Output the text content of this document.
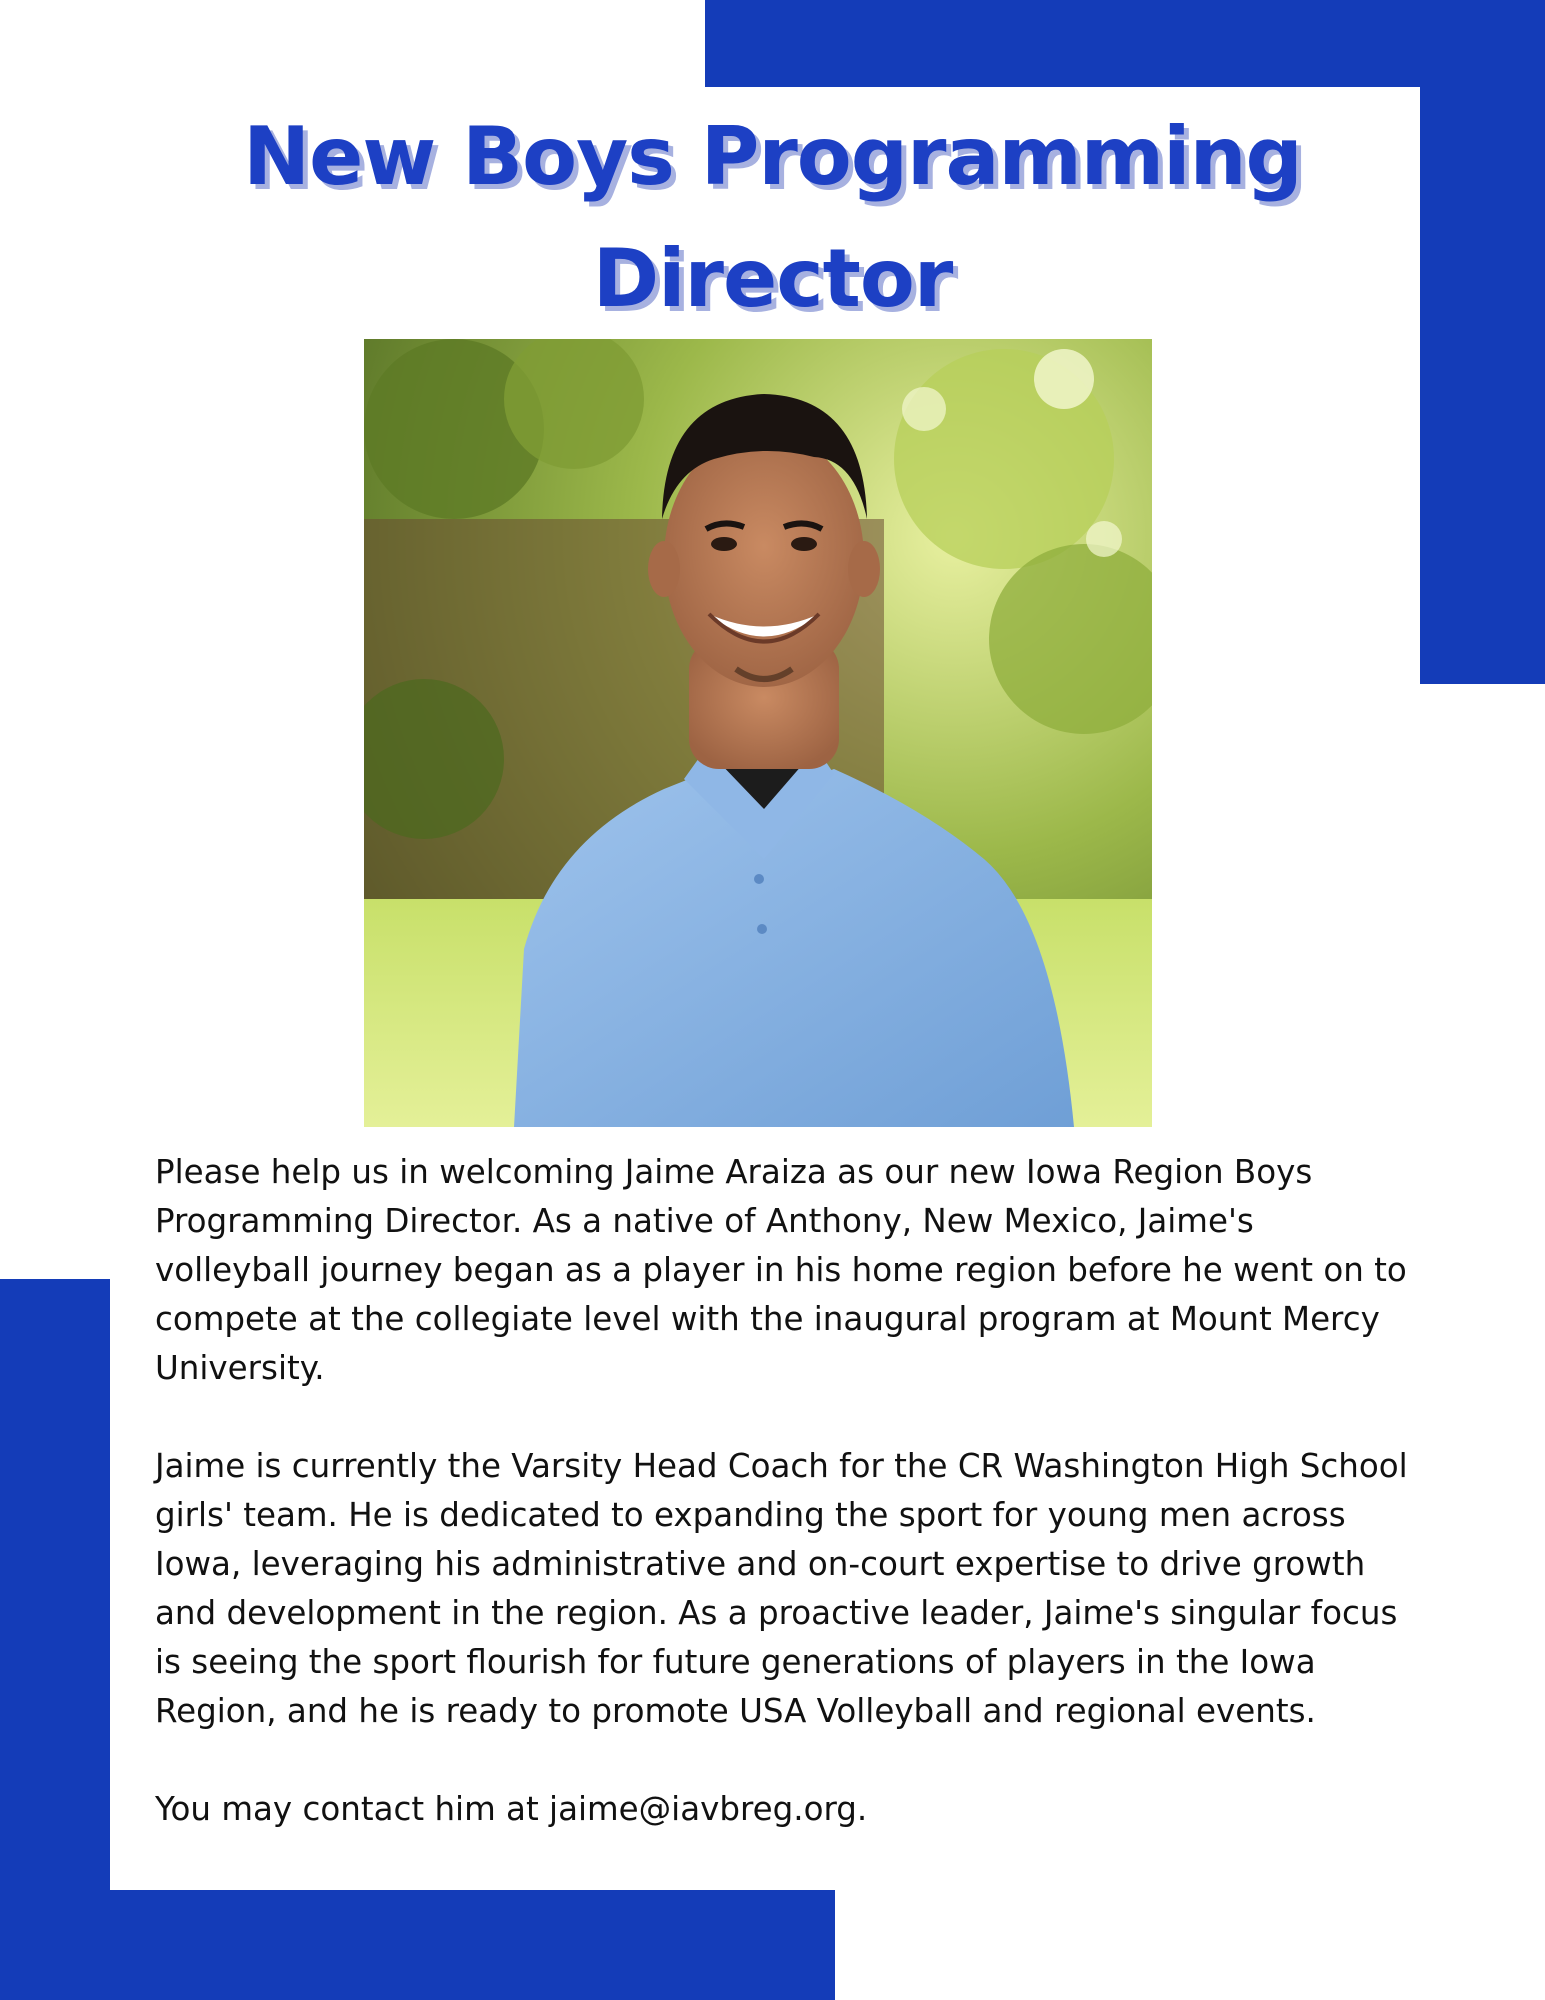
New Boys Programming
Director

Please help us in welcoming Jaime Araiza as our new Iowa Region Boys Programming Director. As a native of Anthony, New Mexico, Jaime's volleyball journey began as a player in his home region before he went on to compete at the collegiate level with the inaugural program at Mount Mercy University.

Jaime is currently the Varsity Head Coach for the CR Washington High School girls' team. He is dedicated to expanding the sport for young men across Iowa, leveraging his administrative and on-court expertise to drive growth and development in the region. As a proactive leader, Jaime's singular focus is seeing the sport flourish for future generations of players in the Iowa Region, and he is ready to promote USA Volleyball and regional events.

You may contact him at jaime@iavbreg.org.
